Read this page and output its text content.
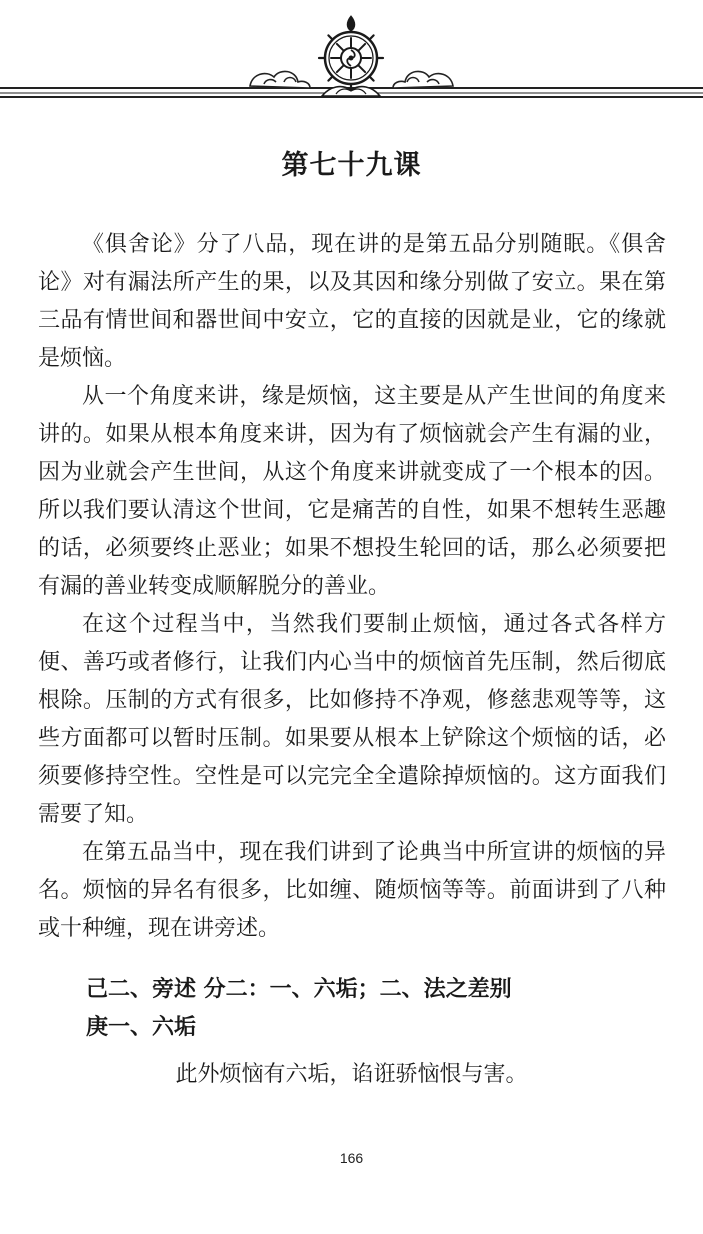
第七十九课

《俱舍论》分了八品，现在讲的是第五品分别随眠。《俱舍论》对有漏法所产生的果，以及其因和缘分别做了安立。果在第三品有情世间和器世间中安立，它的直接的因就是业，它的缘就是烦恼。

从一个角度来讲，缘是烦恼，这主要是从产生世间的角度来讲的。如果从根本角度来讲，因为有了烦恼就会产生有漏的业，因为业就会产生世间，从这个角度来讲就变成了一个根本的因。所以我们要认清这个世间，它是痛苦的自性，如果不想转生恶趣的话，必须要终止恶业；如果不想投生轮回的话，那么必须要把有漏的善业转变成顺解脱分的善业。

在这个过程当中，当然我们要制止烦恼，通过各式各样方便、善巧或者修行，让我们内心当中的烦恼首先压制，然后彻底根除。压制的方式有很多，比如修持不净观，修慈悲观等等，这些方面都可以暂时压制。如果要从根本上铲除这个烦恼的话，必须要修持空性。空性是可以完完全全遣除掉烦恼的。这方面我们需要了知。

在第五品当中，现在我们讲到了论典当中所宣讲的烦恼的异名。烦恼的异名有很多，比如缠、随烦恼等等。前面讲到了八种或十种缠，现在讲旁述。

己二、旁述 分二：一、六垢；二、法之差别

庚一、六垢

此外烦恼有六垢，谄诳骄恼恨与害。

166
